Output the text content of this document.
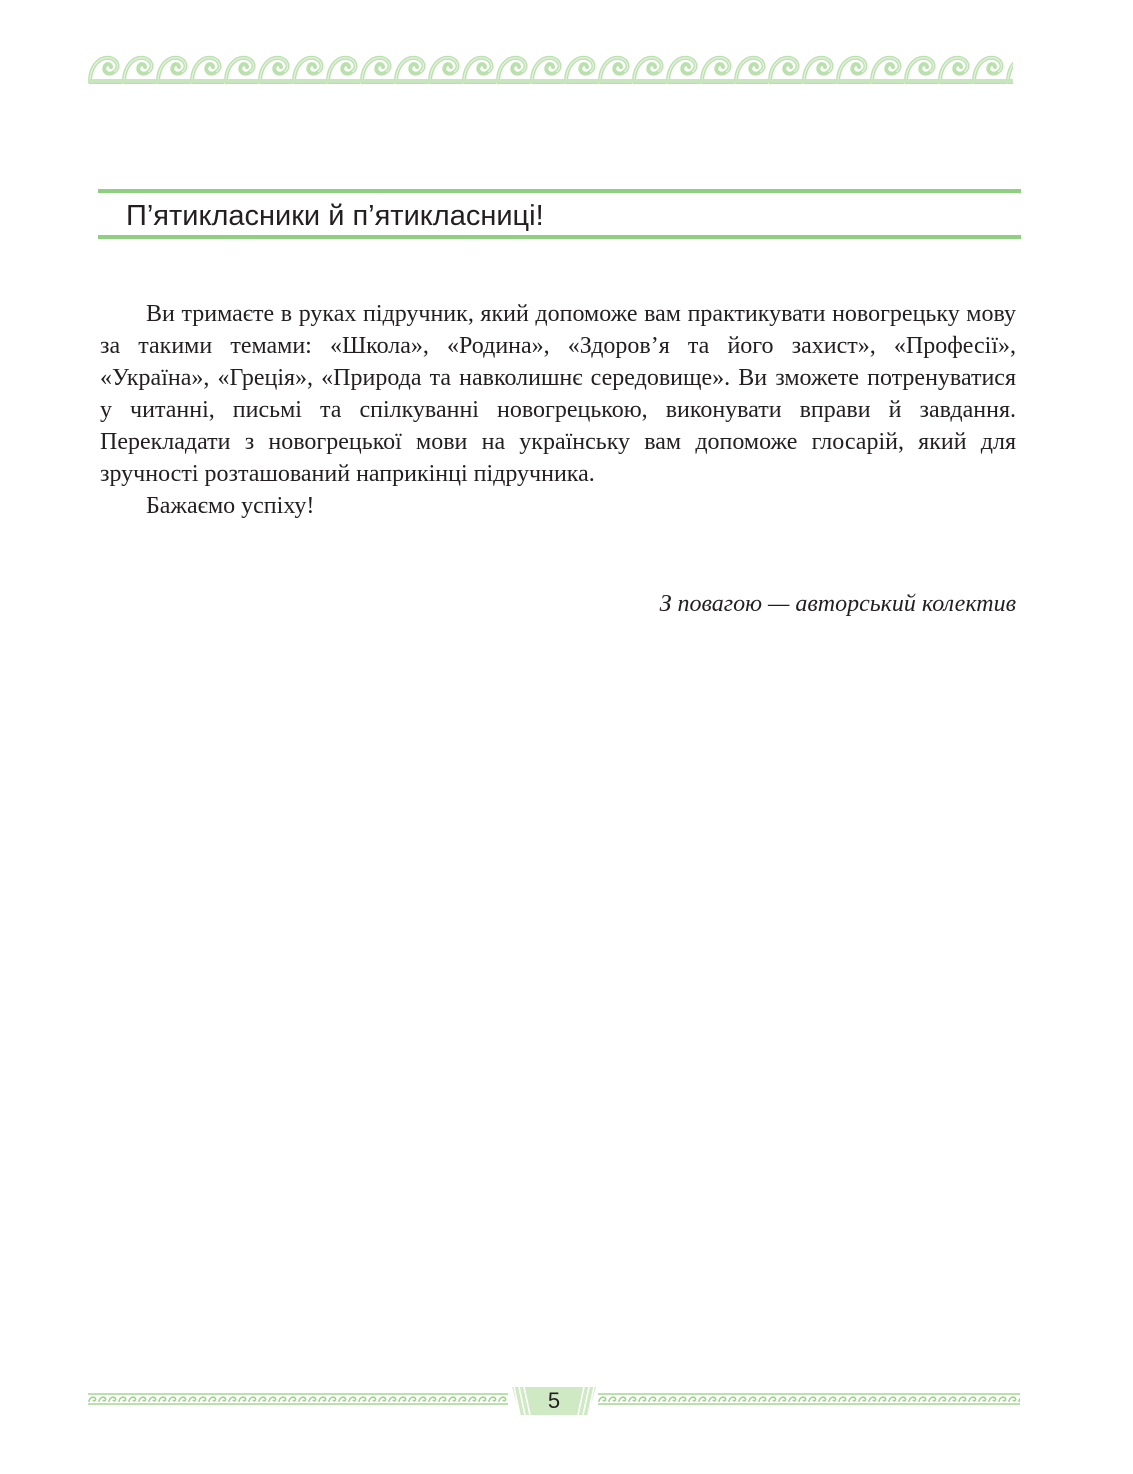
П’ятикласники й п’ятикласниці!

Ви тримаєте в руках підручник, який допоможе вам практикувати новогрецьку мову за такими темами: «Школа», «Родина», «Здоров’я та його захист», «Професії», «Україна», «Греція», «Природа та навколишнє середовище». Ви зможете потренуватися у читанні, письмі та спілкуванні новогрецькою, виконувати вправи й завдання. Перекладати з новогрецької мови на українську вам допоможе глосарій, який для зручності розташований наприкінці підручника.

Бажаємо успіху!

З повагою — авторський колектив
5
